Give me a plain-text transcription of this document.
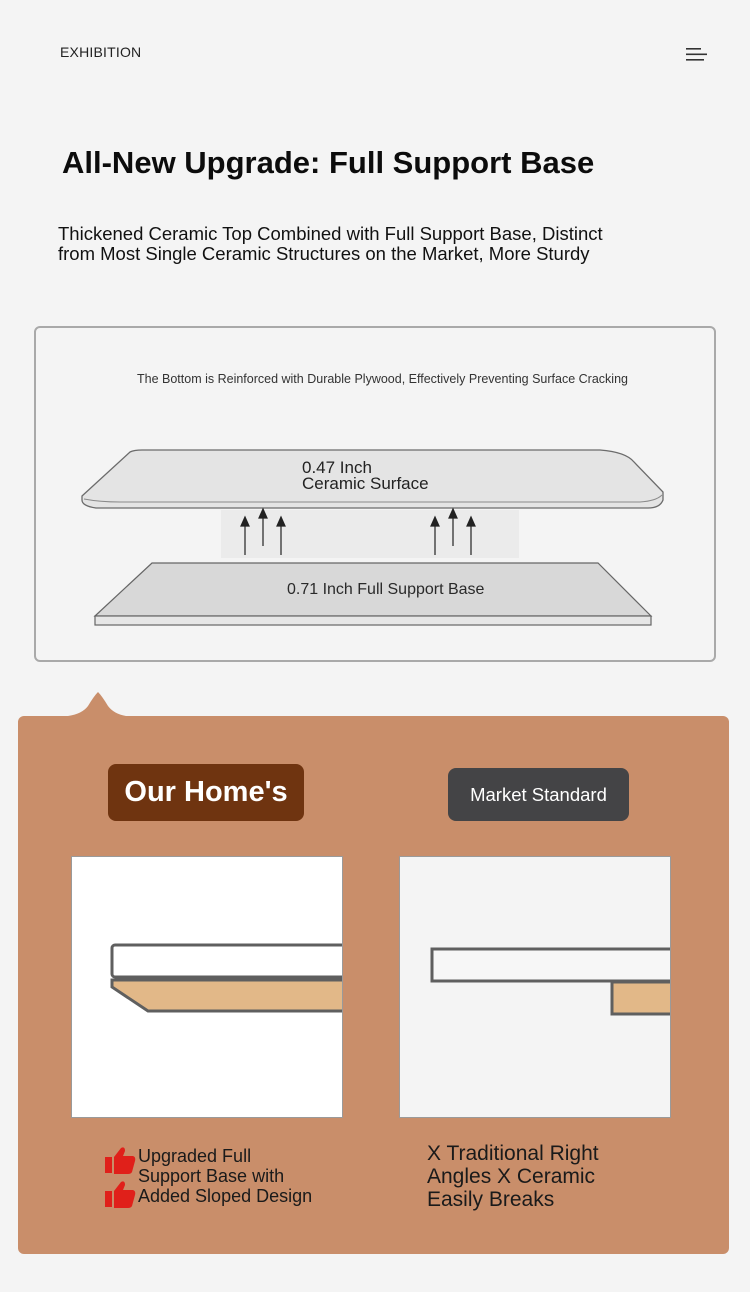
EXHIBITION
All-New Upgrade: Full Support Base
Thickened Ceramic Top Combined with Full Support Base, Distinct from Most Single Ceramic Structures on the Market, More Sturdy
The Bottom is Reinforced with Durable Plywood, Effectively Preventing Surface Cracking
0.47 Inch
Ceramic Surface
0.71 Inch Full Support Base
Our Home's	Market Standard
Upgraded Full
Support Base with
Added Sloped Design
X Traditional Right Angles X Ceramic Easily Breaks
